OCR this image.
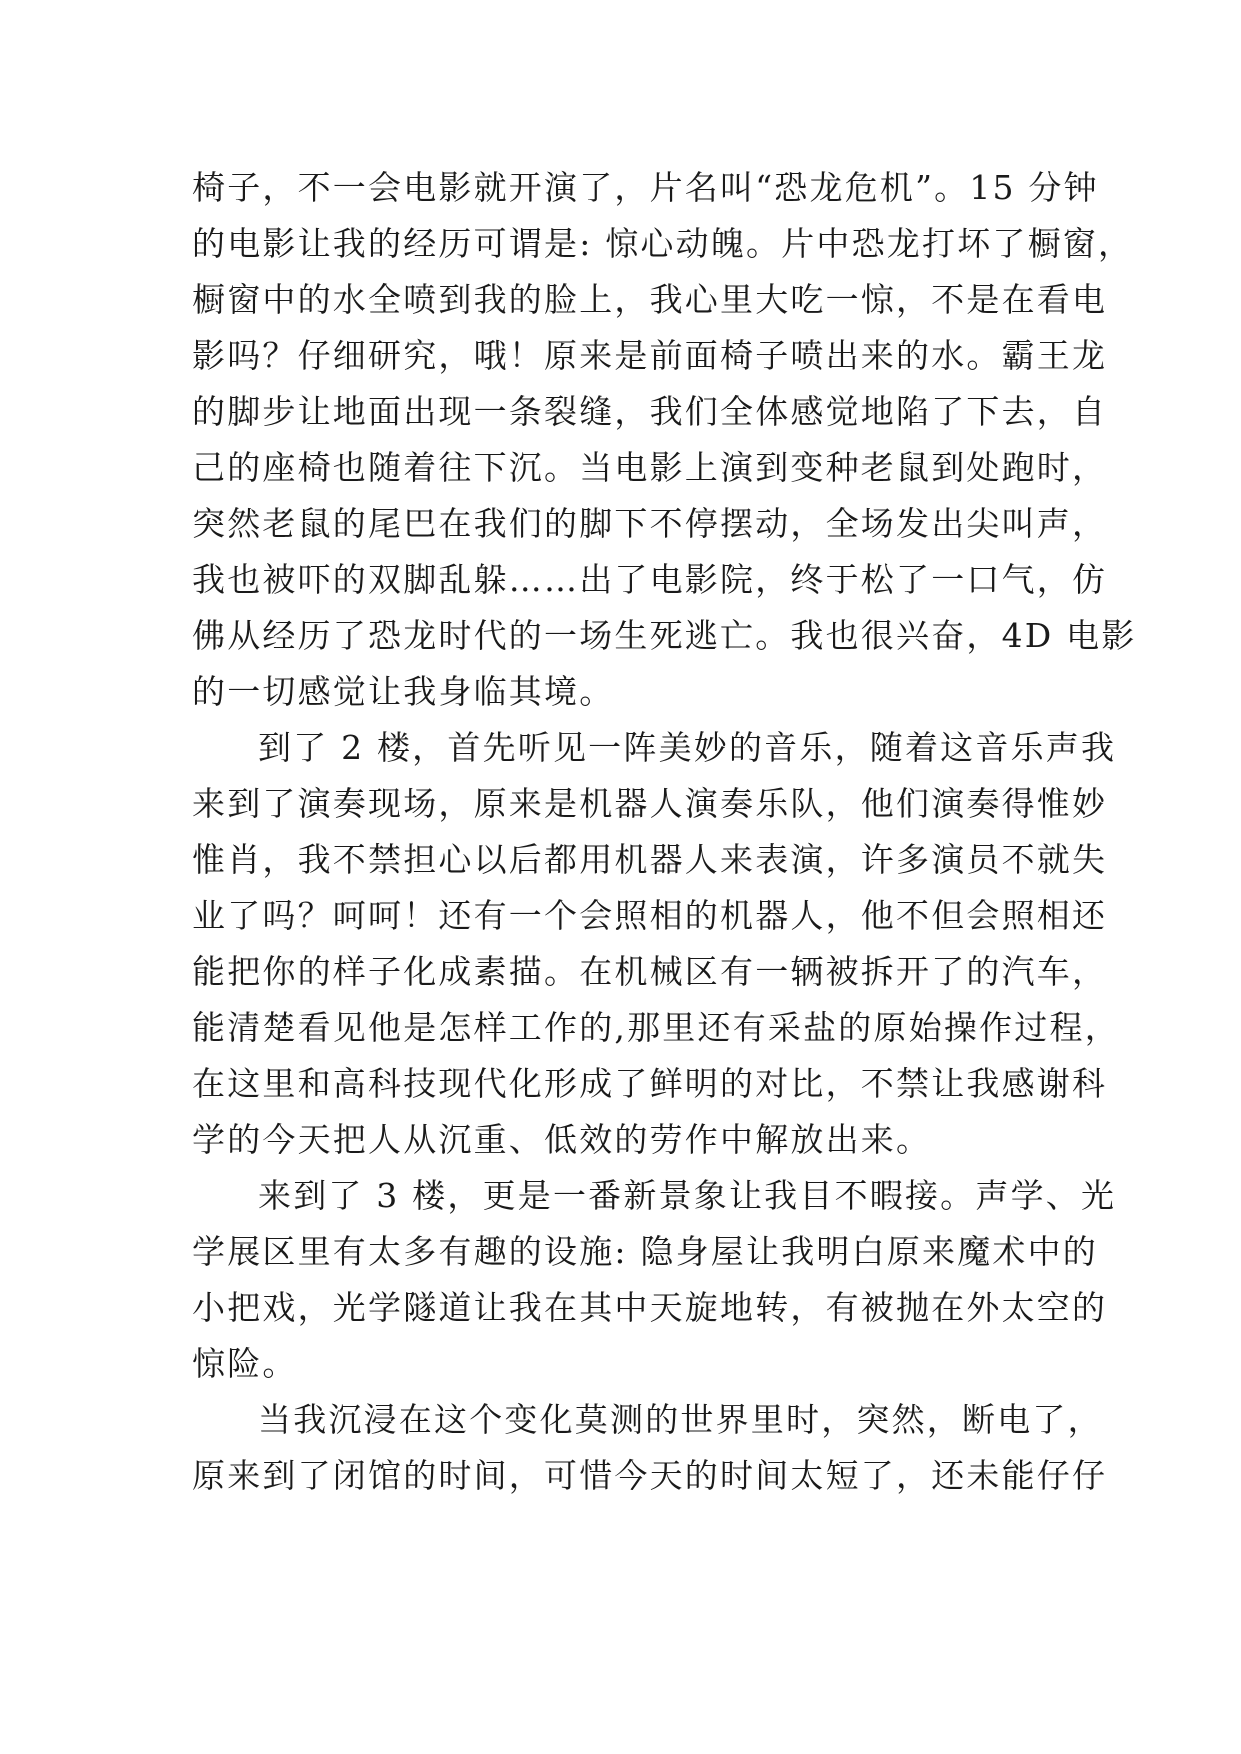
椅子，不一会电影就开演了，片名叫“恐龙危机”。15 分钟
的电影让我的经历可谓是: 惊心动魄。片中恐龙打坏了橱窗，
橱窗中的水全喷到我的脸上，我心里大吃一惊，不是在看电
影吗？仔细研究，哦！原来是前面椅子喷出来的水。霸王龙
的脚步让地面出现一条裂缝，我们全体感觉地陷了下去，自
己的座椅也随着往下沉。当电影上演到变种老鼠到处跑时，
突然老鼠的尾巴在我们的脚下不停摆动，全场发出尖叫声，
我也被吓的双脚乱躲……出了电影院，终于松了一口气，仿
佛从经历了恐龙时代的一场生死逃亡。我也很兴奋，4D 电影
的一切感觉让我身临其境。
到了 2 楼，首先听见一阵美妙的音乐，随着这音乐声我
来到了演奏现场，原来是机器人演奏乐队，他们演奏得惟妙
惟肖，我不禁担心以后都用机器人来表演，许多演员不就失
业了吗？呵呵！还有一个会照相的机器人，他不但会照相还
能把你的样子化成素描。在机械区有一辆被拆开了的汽车，
能清楚看见他是怎样工作的,那里还有采盐的原始操作过程，
在这里和高科技现代化形成了鲜明的对比，不禁让我感谢科
学的今天把人从沉重、低效的劳作中解放出来。
来到了 3 楼，更是一番新景象让我目不暇接。声学、光
学展区里有太多有趣的设施: 隐身屋让我明白原来魔术中的
小把戏，光学隧道让我在其中天旋地转，有被抛在外太空的
惊险。
当我沉浸在这个变化莫测的世界里时，突然，断电了，
原来到了闭馆的时间，可惜今天的时间太短了，还未能仔仔
